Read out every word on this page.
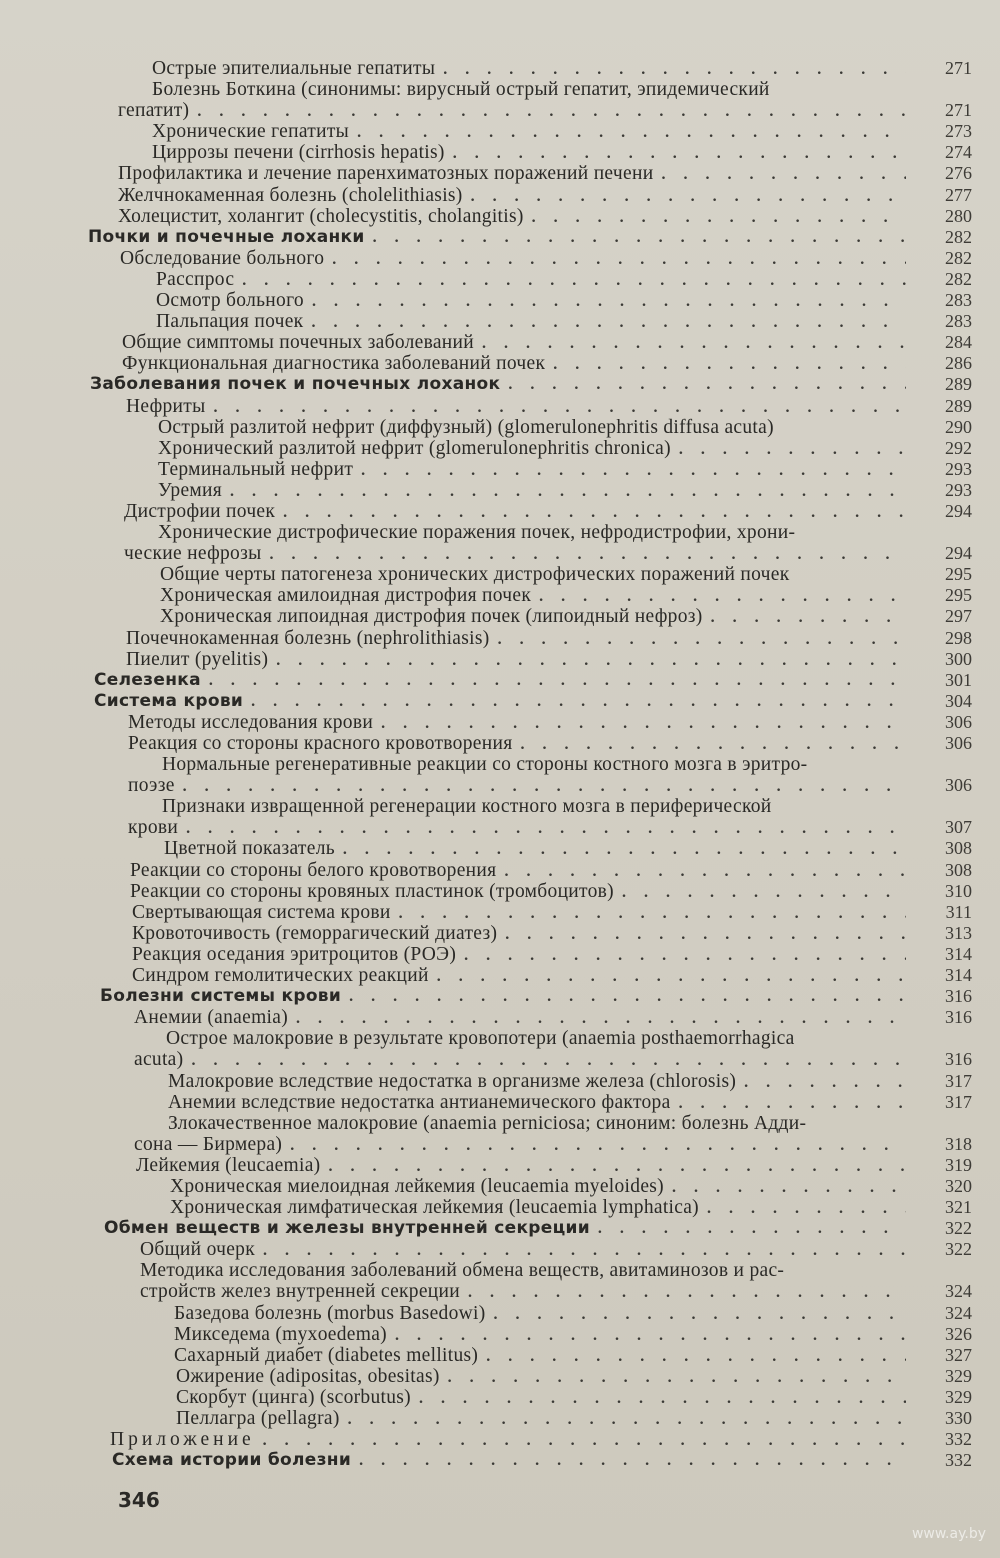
Острые эпителиальные гепатиты . . .	271
Болезнь Боткина (синонимы: вирусный острый гепатит, эпидемический
гепатит) . . .	271
Хронические гепатиты . . .	273
Циррозы печени (cirrhosis hepatis) . . .	274
Профилактика и лечение паренхиматозных поражений печени . . .	276
Желчнокаменная болезнь (cholelithiasis) . . .	277
Холецистит, холангит (cholecystitis, cholangitis) . . .	280
Почки и почечные лоханки . . .	282
Обследование больного . . .	282
Расспрос . . .	282
Осмотр больного . . .	283
Пальпация почек . . .	283
Общие симптомы почечных заболеваний . . .	284
Функциональная диагностика заболеваний почек . . .	286
Заболевания почек и почечных лоханок . . .	289
Нефриты . . .	289
Острый разлитой нефрит (диффузный) (glomerulonephritis diffusa acuta)	290
Хронический разлитой нефрит (glomerulonephritis chronica) . . .	292
Терминальный нефрит . . .	293
Уремия . . .	293
Дистрофии почек . . .	294
Хронические дистрофические поражения почек, нефродистрофии, хрони-
ческие нефрозы . . .	294
Общие черты патогенеза хронических дистрофических поражений почек	295
Хроническая амилоидная дистрофия почек . . .	295
Хроническая липоидная дистрофия почек (липоидный нефроз) . . .	297
Почечнокаменная болезнь (nephrolithiasis) . . .	298
Пиелит (pyelitis) . . .	300
Селезенка . . .	301
Система крови . . .	304
Методы исследования крови . . .	306
Реакция со стороны красного кровотворения . . .	306
Нормальные регенеративные реакции со стороны костного мозга в эритро-
поэзе . . .	306
Признаки извращенной регенерации костного мозга в периферической
крови . . .	307
Цветной показатель . . .	308
Реакции со стороны белого кровотворения . . .	308
Реакции со стороны кровяных пластинок (тромбоцитов) . . .	310
Свертывающая система крови . . .	311
Кровоточивость (геморрагический диатез) . . .	313
Реакция оседания эритроцитов (РОЭ) . . .	314
Синдром гемолитических реакций . . .	314
Болезни системы крови . . .	316
Анемии (anaemia) . . .	316
Острое малокровие в результате кровопотери (anaemia posthaemorrhagica
acuta) . . .	316
Малокровие вследствие недостатка в организме железа (chlorosis) . . .	317
Анемии вследствие недостатка антианемического фактора . . .	317
Злокачественное малокровие (anaemia perniciosa; синоним: болезнь Адди-
сона — Бирмера) . . .	318
Лейкемия (leucaemia) . . .	319
Хроническая миелоидная лейкемия (leucaemia myeloides) . . .	320
Хроническая лимфатическая лейкемия (leucaemia lymphatica) . . .	321
Обмен веществ и железы внутренней секреции . . .	322
Общий очерк . . .	322
Методика исследования заболеваний обмена веществ, авитаминозов и рас-
стройств желез внутренней секреции . . .	324
Базедова болезнь (morbus Basedowi) . . .	324
Микседема (myxoedema) . . .	326
Сахарный диабет (diabetes mellitus) . . .	327
Ожирение (adipositas, obesitas) . . .	329
Скорбут (цинга) (scorbutus) . . .	329
Пеллагра (pellagra) . . .	330
Приложение . . .	332
Схема истории болезни . . .	332
346
www.ay.by
